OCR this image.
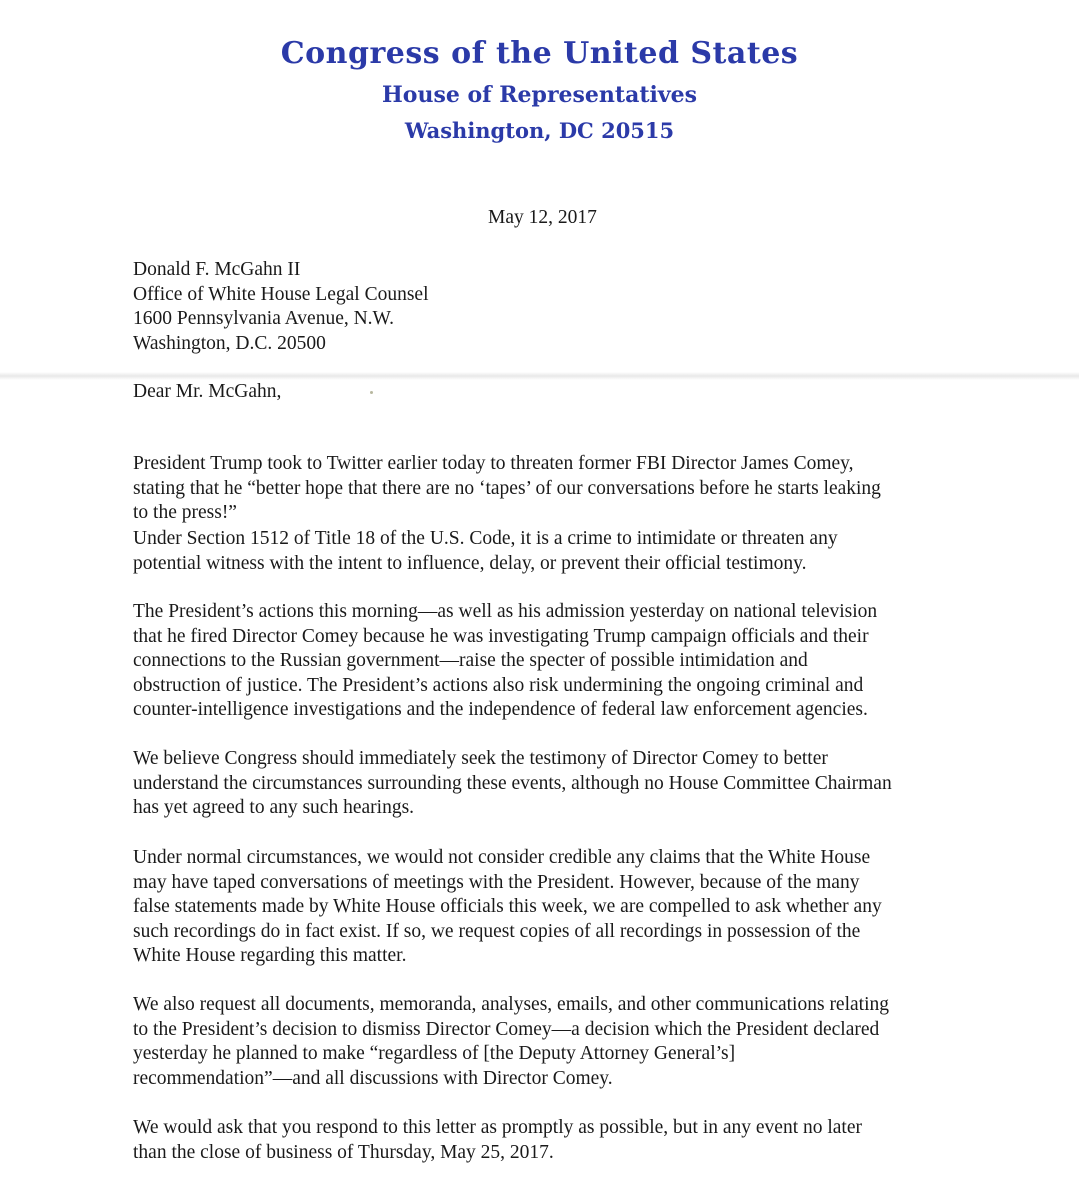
Congress of the United States
House of Representatives
Washington, DC 20515
May 12, 2017
Donald F. McGahn II
Office of White House Legal Counsel
1600 Pennsylvania Avenue, N.W.
Washington, D.C. 20500
Dear Mr. McGahn,
President Trump took to Twitter earlier today to threaten former FBI Director James Comey,
stating that he “better hope that there are no ‘tapes’ of our conversations before he starts leaking
to the press!”
Under Section 1512 of Title 18 of the U.S. Code, it is a crime to intimidate or threaten any
potential witness with the intent to influence, delay, or prevent their official testimony.
The President’s actions this morning—as well as his admission yesterday on national television
that he fired Director Comey because he was investigating Trump campaign officials and their
connections to the Russian government—raise the specter of possible intimidation and
obstruction of justice. The President’s actions also risk undermining the ongoing criminal and
counter-intelligence investigations and the independence of federal law enforcement agencies.
We believe Congress should immediately seek the testimony of Director Comey to better
understand the circumstances surrounding these events, although no House Committee Chairman
has yet agreed to any such hearings.
Under normal circumstances, we would not consider credible any claims that the White House
may have taped conversations of meetings with the President. However, because of the many
false statements made by White House officials this week, we are compelled to ask whether any
such recordings do in fact exist. If so, we request copies of all recordings in possession of the
White House regarding this matter.
We also request all documents, memoranda, analyses, emails, and other communications relating
to the President’s decision to dismiss Director Comey—a decision which the President declared
yesterday he planned to make “regardless of [the Deputy Attorney General’s]
recommendation”—and all discussions with Director Comey.
We would ask that you respond to this letter as promptly as possible, but in any event no later
than the close of business of Thursday, May 25, 2017.
